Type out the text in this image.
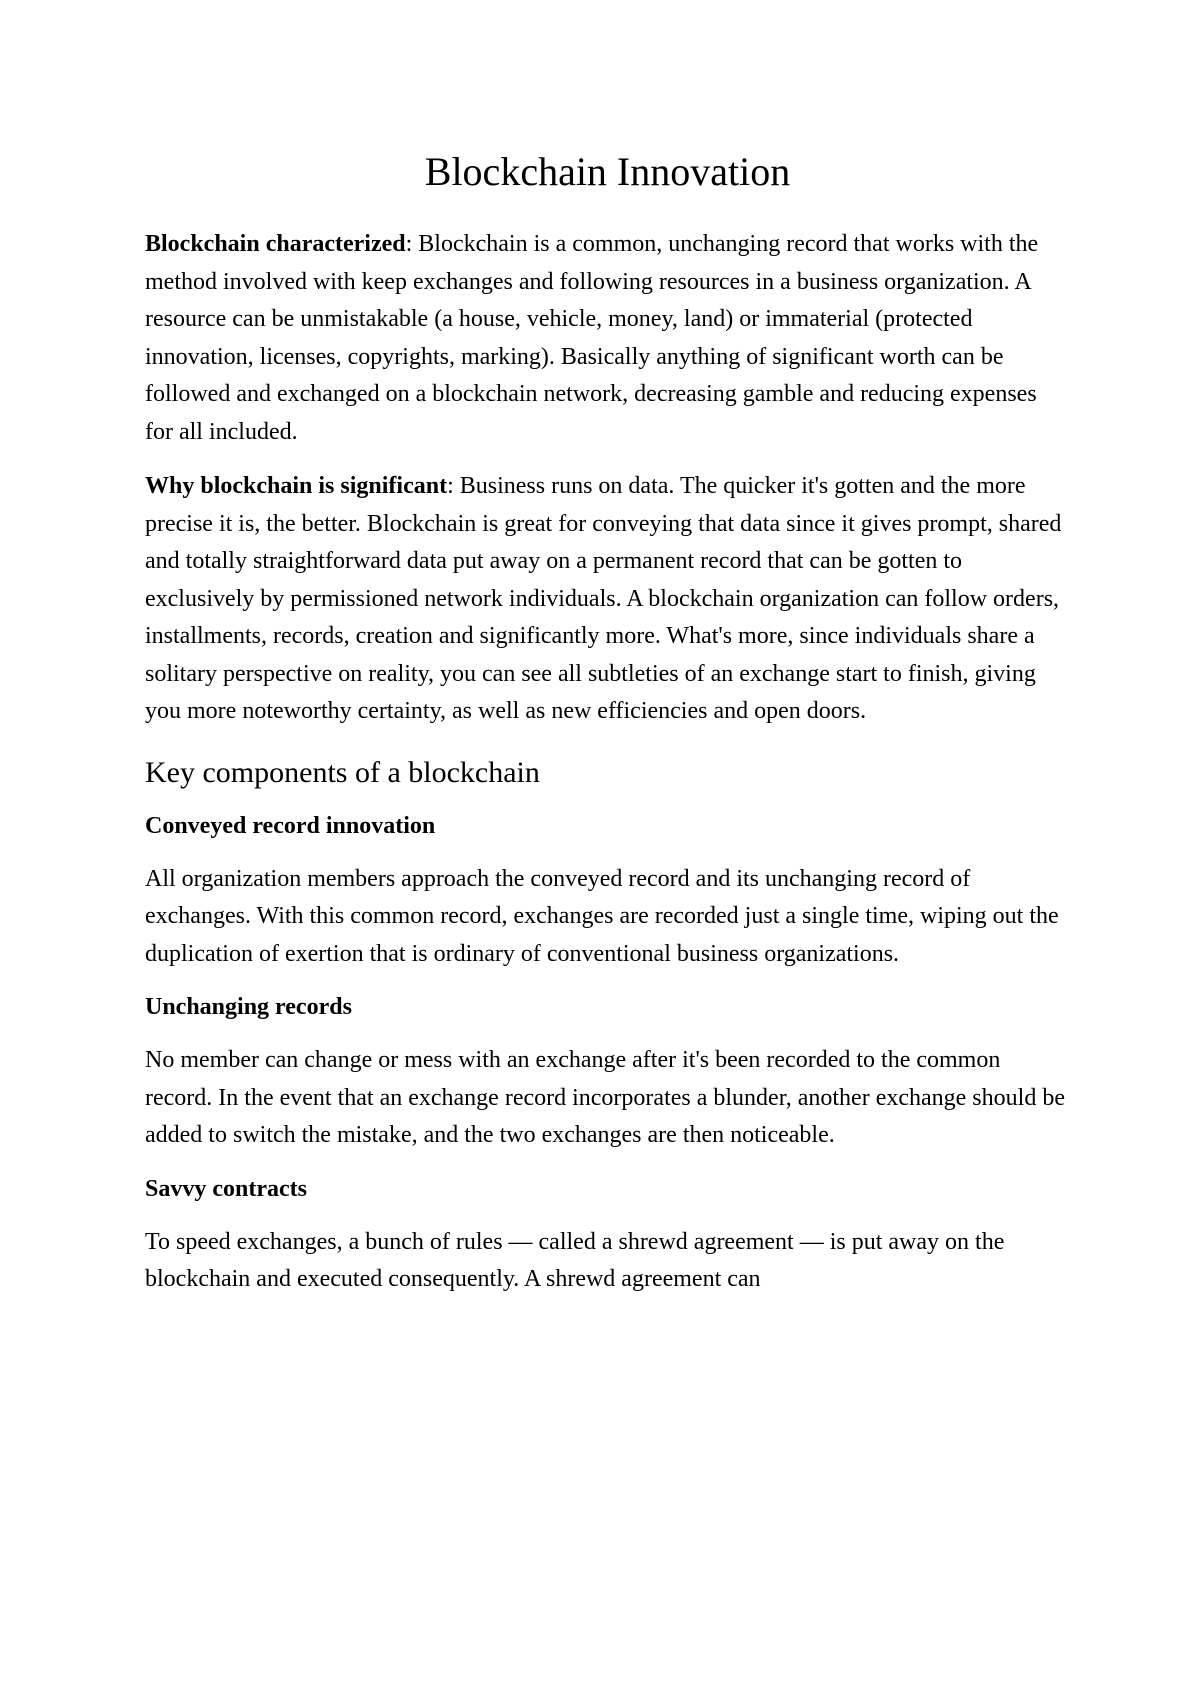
Blockchain Innovation

Blockchain characterized: Blockchain is a common, unchanging record that works with the method involved with keep exchanges and following resources in a business organization. A resource can be unmistakable (a house, vehicle, money, land) or immaterial (protected innovation, licenses, copyrights, marking). Basically anything of significant worth can be followed and exchanged on a blockchain network, decreasing gamble and reducing expenses for all included.

Why blockchain is significant: Business runs on data. The quicker it's gotten and the more precise it is, the better. Blockchain is great for conveying that data since it gives prompt, shared and totally straightforward data put away on a permanent record that can be gotten to exclusively by permissioned network individuals. A blockchain organization can follow orders, installments, records, creation and significantly more. What's more, since individuals share a solitary perspective on reality, you can see all subtleties of an exchange start to finish, giving you more noteworthy certainty, as well as new efficiencies and open doors.

Key components of a blockchain
Conveyed record innovation

All organization members approach the conveyed record and its unchanging record of exchanges. With this common record, exchanges are recorded just a single time, wiping out the duplication of exertion that is ordinary of conventional business organizations.

Unchanging records

No member can change or mess with an exchange after it's been recorded to the common record. In the event that an exchange record incorporates a blunder, another exchange should be added to switch the mistake, and the two exchanges are then noticeable.

Savvy contracts

To speed exchanges, a bunch of rules — called a shrewd agreement — is put away on the blockchain and executed consequently. A shrewd agreement can
